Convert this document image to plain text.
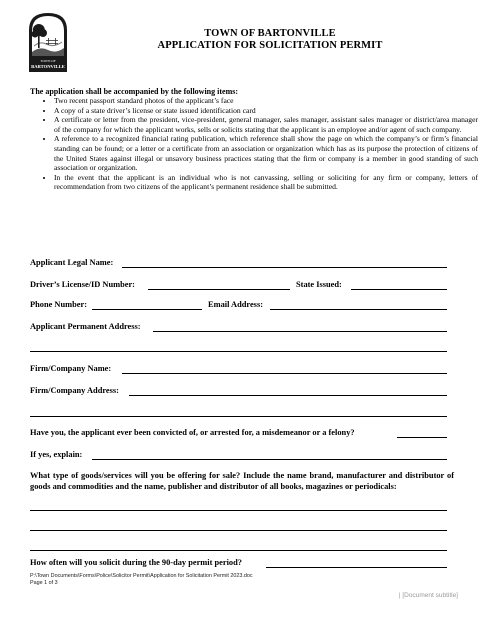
TOWN OF
BARTONVILLE
TOWN OF BARTONVILLE
APPLICATION FOR SOLICITATION PERMIT
The application shall be accompanied by the following items:
• Two recent passport standard photos of the applicant’s face
• A copy of a state driver’s license or state issued identification card
• A certificate or letter from the president, vice-president, general manager, sales manager, assistant sales manager or district/area manager of the company for which the applicant works, sells or solicits stating that the applicant is an employee and/or agent of such company.
• A reference to a recognized financial rating publication, which reference shall show the page on which the company’s or firm’s financial standing can be found; or a letter or a certificate from an association or organization which has as its purpose the protection of citizens of the United States against illegal or unsavory business practices stating that the firm or company is a member in good standing of such association or organization.
• In the event that the applicant is an individual who is not canvassing, selling or soliciting for any firm or company, letters of recommendation from two citizens of the applicant’s permanent residence shall be submitted.
Applicant Legal Name:
Driver’s License/ID Number:	State Issued:
Phone Number:	Email Address:
Applicant Permanent Address:
Firm/Company Name:
Firm/Company Address:
Have you, the applicant ever been convicted of, or arrested for, a misdemeanor or a felony?
If yes, explain:
What type of goods/services will you be offering for sale? Include the name brand, manufacturer and distributor of goods and commodities and the name, publisher and distributor of all books, magazines or periodicals:
How often will you solicit during the 90-day permit period?
P:\Town Documents\Forms\Police\Solicitor Permit\Application for Solicitation Permit 2023.doc
Page 1 of 3
| [Document subtitle]
